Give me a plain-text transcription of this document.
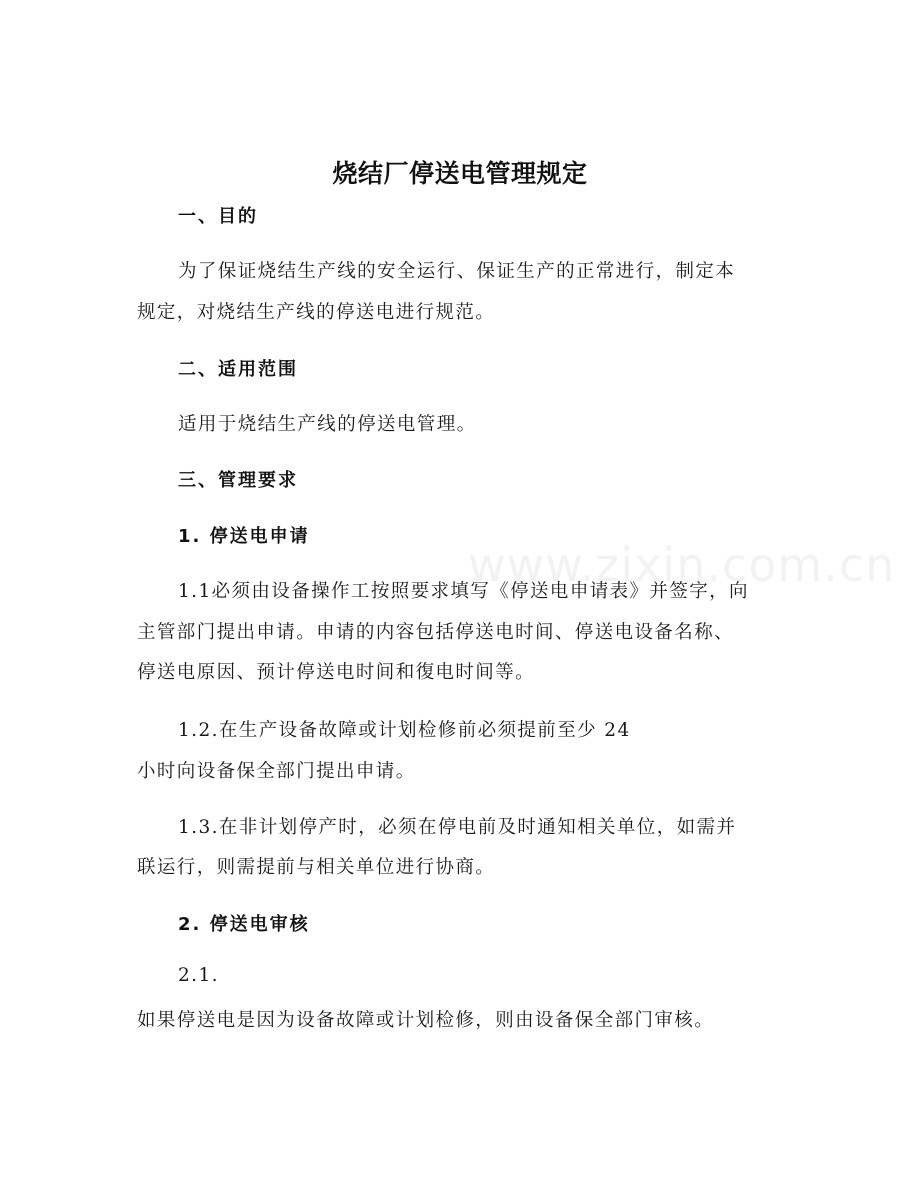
www.zixin.com.cn
烧结厂停送电管理规定
一、目的
为了保证烧结生产线的安全运行、保证生产的正常进行，制定本
规定，对烧结生产线的停送电进行规范。
二、适用范围
适用于烧结生产线的停送电管理。
三、管理要求
1. 停送电申请
1.1必须由设备操作工按照要求填写《停送电申请表》并签字，向
主管部门提出申请。申请的内容包括停送电时间、停送电设备名称、
停送电原因、预计停送电时间和復电时间等。
1.2.在生产设备故障或计划检修前必须提前至少 24
小时向设备保全部门提出申请。
1.3.在非计划停产时，必须在停电前及时通知相关单位，如需并
联运行，则需提前与相关单位进行协商。
2. 停送电审核
2.1.
如果停送电是因为设备故障或计划检修，则由设备保全部门审核。
